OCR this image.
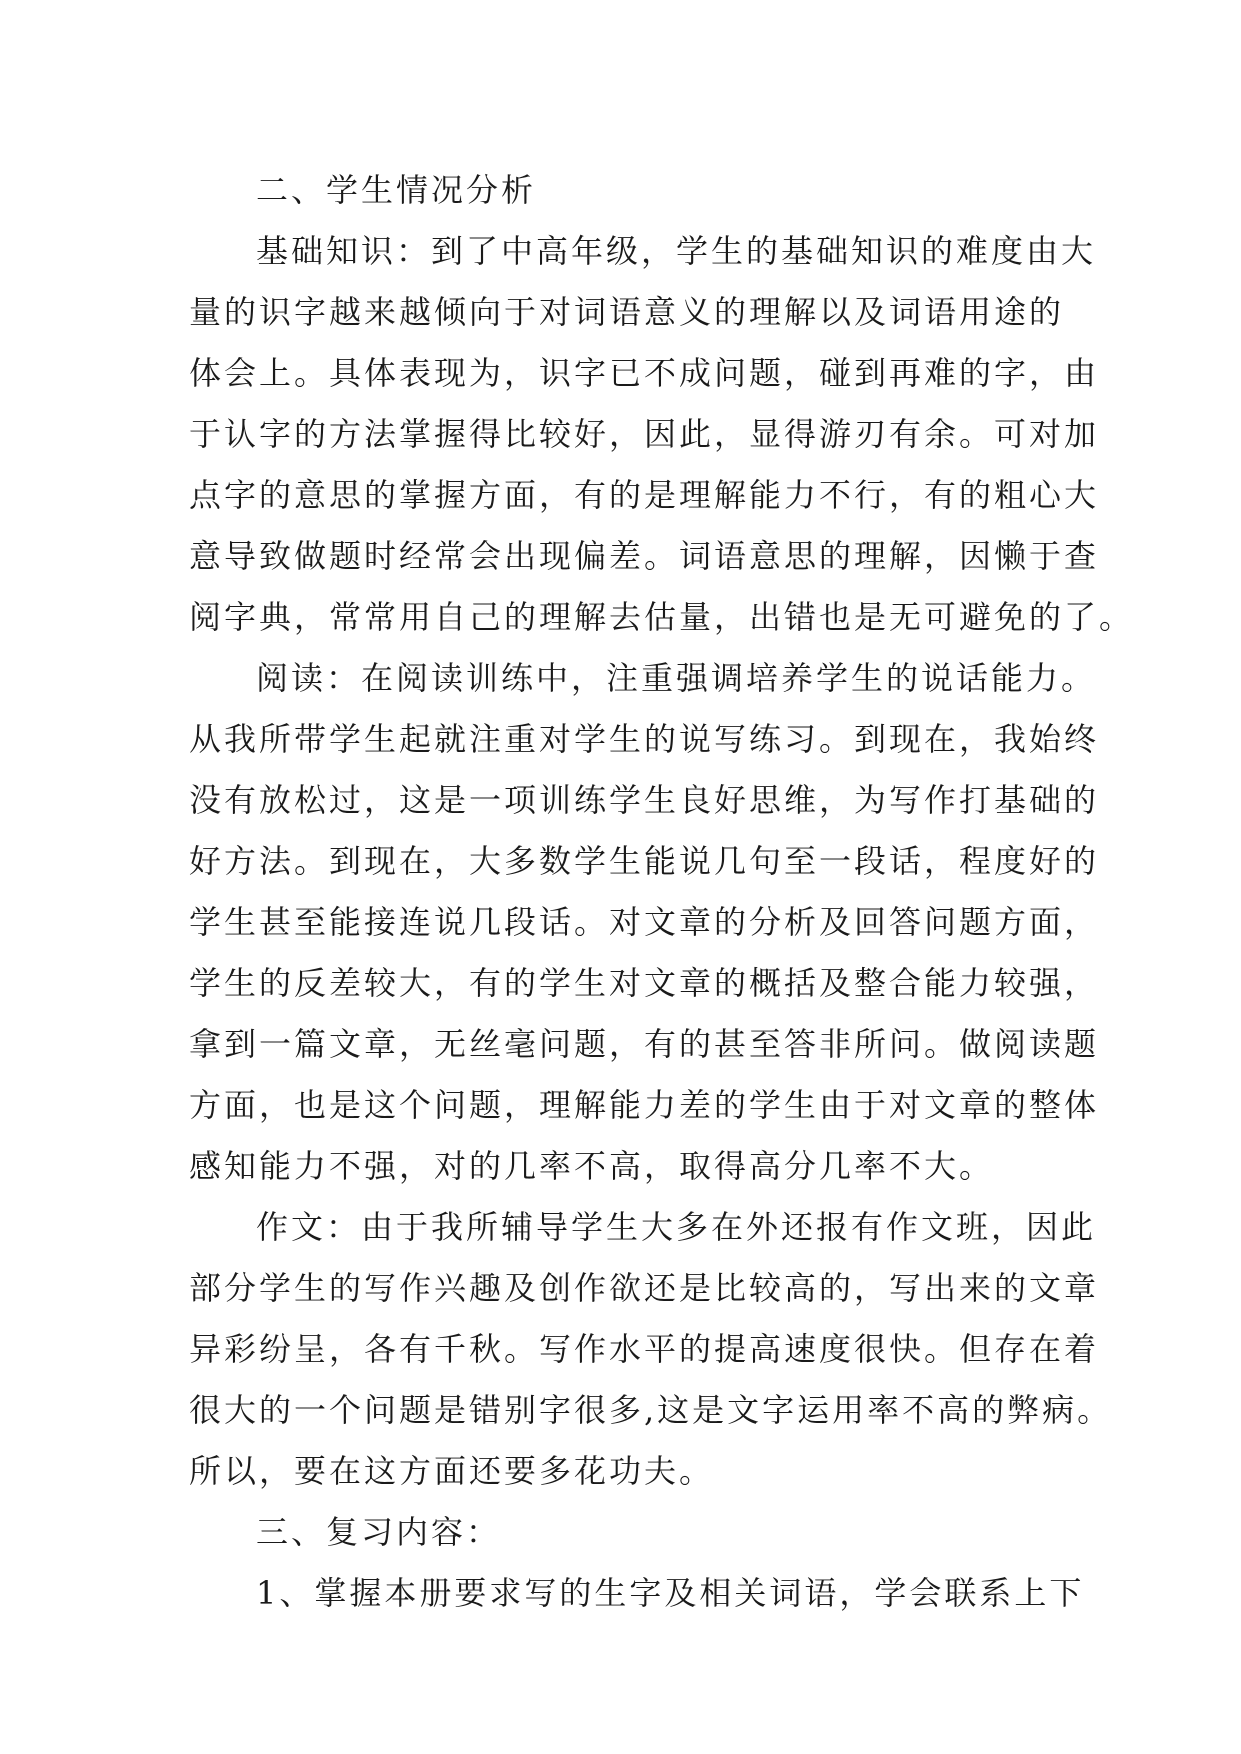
二、学生情况分析
基础知识：到了中高年级，学生的基础知识的难度由大
量的识字越来越倾向于对词语意义的理解以及词语用途的
体会上。具体表现为，识字已不成问题，碰到再难的字，由
于认字的方法掌握得比较好，因此，显得游刃有余。可对加
点字的意思的掌握方面，有的是理解能力不行，有的粗心大
意导致做题时经常会出现偏差。词语意思的理解，因懒于查
阅字典，常常用自己的理解去估量，出错也是无可避免的了。
阅读：在阅读训练中，注重强调培养学生的说话能力。
从我所带学生起就注重对学生的说写练习。到现在，我始终
没有放松过，这是一项训练学生良好思维，为写作打基础的
好方法。到现在，大多数学生能说几句至一段话，程度好的
学生甚至能接连说几段话。对文章的分析及回答问题方面，
学生的反差较大，有的学生对文章的概括及整合能力较强，
拿到一篇文章，无丝毫问题，有的甚至答非所问。做阅读题
方面，也是这个问题，理解能力差的学生由于对文章的整体
感知能力不强，对的几率不高，取得高分几率不大。
作文：由于我所辅导学生大多在外还报有作文班，因此
部分学生的写作兴趣及创作欲还是比较高的，写出来的文章
异彩纷呈，各有千秋。写作水平的提高速度很快。但存在着
很大的一个问题是错别字很多,这是文字运用率不高的弊病。
所以，要在这方面还要多花功夫。
三、复习内容：
1、掌握本册要求写的生字及相关词语，学会联系上下
